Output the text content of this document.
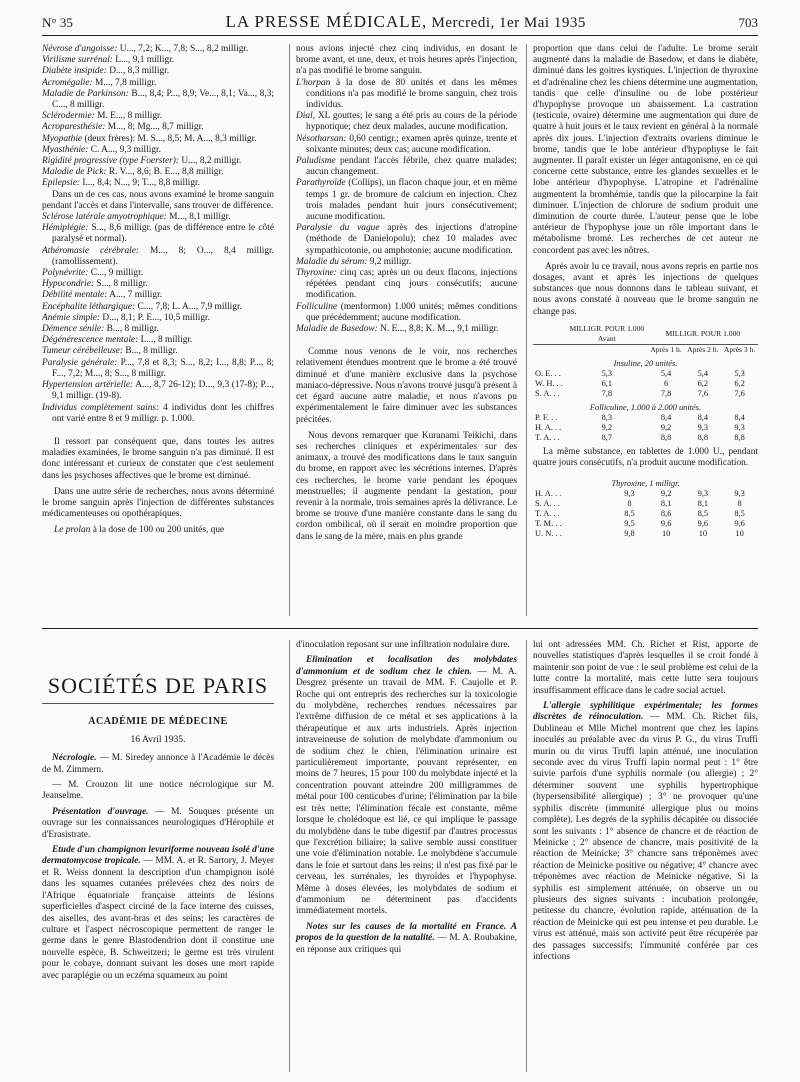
N° 35	LA PRESSE MÉDICALE, Mercredi, 1er Mai 1935	703
Névrose d'angoisse: U..., 7,2; K..., 7,8; S..., 8,2 milligr.
Virilisme surrénal: L..., 9,1 milligr.
Diabète insipide: D..., 8,3 milligr.
Acromégalie: M..., 7,8 milligr.
Maladie de Parkinson: B..., 8,4; P..., 8,9; Ve..., 8,1; Va..., 8,3; C..., 8 milligr.
Sclérodermie: M. E..., 8 milligr.
Acroparesthésie: M..., 8; Mg..., 8,7 milligr.
Myopathie (deux frères): M. S..., 8,5; M. A..., 8,3 milligr.
Myasthénie: C. A..., 9,3 milligr.
Rigidité progressive (type Foerster): U..., 8,2 milligr.
Malodie de Pick: R. V..., 8,6; B. E..., 8,8 milligr.
Epilepsie: I..., 8,4; N..., 9; T..., 8,8 milligr.

Dans un de ces cas, nous avons examiné le brome sanguin pendant l'accès et dans l'intervalle, sans trouver de différence.

Sclérose latérale amyotrophique: M..., 8,1 milligr.
Hémiplégie: S..., 8,6 milligr. (pas de différence entre le côté paralysé et normal).
Athéromasie cérébrale: M..., 8; O..., 8,4 milligr. (ramollissement).
Polynévrite: C..., 9 milligr.
Hypocondrie: S..., 8 milligr.
Débilité mentale: A..., 7 milligr.
Encéphalite léthargique: C..., 7,8; L. A..., 7,9 milligr.
Anémie simple: D..., 8,1; P. E..., 10,5 milligr.
Démence sénile: B..., 8 milligr.
Dégénérescence mentale: L..., 8 milligr.
Tumeur cérébelleuse: B..., 8 milligr.
Paralysie générale: P..., 7,8 et 8,3; S..., 8,2; I..., 8,8; P..., 8; F..., 7,2; M..., 8; S..., 8 milligr.
Hypertension artérielle: A..., 8,7 26-12); D..., 9,3 (17-8); P..., 9,1 milligr. (19-8).
Individus complètement sains: 4 individus dont les chiffres ont varié entre 8 et 9 milligr. p. 1.000.

Il ressort par conséquent que, dans toutes les autres maladies examinées, le brome sanguin n'a pas diminué. Il est donc intéressant et curieux de constater que c'est seulement dans les psychoses affectives que le brome est diminué.

Dans une autre série de recherches, nous avons déterminé le brome sanguin après l'injection de différentes substances médicamenteuses ou opothérapiques.

Le prolan à la dose de 100 ou 200 unités, que

nous avions injecté chez cinq individus, en dosant le brome avant, et une, deux, et trois heures après l'injection, n'a pas modifié le brome sanguin.

L'horpan à la dose de 80 unités et dans les mêmes conditions n'a pas modifié le brome sanguin, chez trois individus.
Dial, XL gouttes; le sang a été pris au cours de la période hypnotique; chez deux malades, aucune modification.
Nésotharsan: 0,60 centigr.; examen après quinze, trente et soixante minutes; deux cas; aucune modification.
Paludisme pendant l'accès fébrile, chez quatre malades; aucun changement.
Parathyroïde (Collips), un flacon chaque jour, et en même temps 1 gr. de bromure de calcium en injection. Chez trois malades pendant huit jours consécutivement; aucune modification.
Paralysie du vague après des injections d'atropine (méthode de Danielopolu); chez 10 malades avec sympathicotonie, ou amphotonie; aucune modification.
Maladie du sérum: 9,2 milligr.
Thyroxine: cinq cas; après un ou deux flacons, injections répétées pendant cinq jours consécutifs; aucune modification.
Folliculine (menformon) 1.000 unités; mêmes conditions que précédemment; aucune modification.
Maladie de Basedow: N. E..., 8,8; K. M..., 9,1 milligr.

Comme nous venons de le voir, nos recherches relativement étendues montrent que le brome a été trouvé diminué et d'une manière exclusive dans la psychose maniaco-dépressive. Nous n'avons trouvé jusqu'à présent à cet égard aucune autre maladie, et nous n'avons pu expérimentalement le faire diminuer avec les substances précitées.

Nous devons remarquer que Kuranami Teikichi, dans ses recherches cliniques et expérimentales sur des animaux, a trouvé des modifications dans le taux sanguin du brome, en rapport avec les sécrétions internes. D'après ces recherches, le brome varie pendant les époques menstruelles; il augmente pendant la gestation, pour revenir à la normale, trois semaines après la délivrance. Le brome se trouve d'une manière constante dans le sang du cordon ombilical, où il serait en moindre proportion que dans le sang de la mère, mais en plus grande

proportion que dans celui de l'adulte. Le brome serait augmenté dans la maladie de Basedow, et dans le diabète, diminué dans les goitres kystiques. L'injection de thyroxine et d'adrénaline chez les chiens détermine une augmentation, tandis que celle d'insuline ou de lobe postérieur d'hypophyse provoque un abaissement. La castration (testicule, ovaire) détermine une augmentation qui dure de quatre à huit jours et le taux revient en général à la normale après dix jours. L'injection d'extraits ovariens diminue le brome, tandis que le lobe antérieur d'hypophyse le fait augmenter. Il paraît exister un léger antagonisme, en ce qui concerne cette substance, entre les glandes sexuelles et le lobe antérieur d'hypophyse. L'atropine et l'adrénaline augmentent la bromhémie, tandis que la pilocarpine la fait diminuer. L'injection de chlorure de sodium produit une diminution de courte durée. L'auteur pense que le lobe antérieur de l'hypophyse joue un rôle important dans le métabolisme bromé. Les recherches de cet auteur ne concordent pas avec les nôtres.

Après avoir lu ce travail, nous avons repris en partie nos dosages, avant et après les injections de quelques substances que nous donnons dans le tableau suivant, et nous avons constaté à nouveau que le brome sanguin ne change pas.

	MILLIGR. POUR 1.000
Avant	MILLIGR. POUR 1.000		
		Après 1 h.	Après 2 h.	Après 3 h.
Insuline, 20 unités.				
O. E. . .	5,3	5,4	5,4	5,3
W. H. . .	6,1	6	6,2	6,2
S. A. . .	7,8	7,8	7,6	7,6
Folliculine, 1.000 à 2.000 unités.				
P. F. . .	8,3	8,4	8,4	8,4
H. A. . .	9,2	9,2	9,3	9,3
T. A. . .	8,7	8,8	8,8	8,8

La même substance, en tablettes de 1.000 U., pendant quatre jours consécutifs, n'a produit aucune modification.

Thyroxine, 1 milligr.				
H. A. . .	9,3	9,2	9,3	9,3
S. A. . .	8	8,1	8,1	8
T. A. . .	8,5	8,6	8,5	8,5
T. M. . .	9,5	9,6	9,6	9,6
U. N. . .	9,8	10	10	10
SOCIÉTÉS DE PARIS
ACADÉMIE DE MÉDECINE
16 Avril 1935.

Nécrologie. — M. Siredey annonce à l'Académie le décès de M. Zimmern.

— M. Crouzon lit une notice nécrologique sur M. Jeanselme.

Présentation d'ouvrage. — M. Souques présente un ouvrage sur les connaissances neurologiques d'Hérophile et d'Erasistrate.

Etude d'un champignon levuriforme nouveau isolé d'une dermatomycose tropicale. — MM. A. et R. Sartory, J. Meyer et R. Weiss donnent la description d'un champignon isolé dans les squames cutanées prélevées chez des noirs de l'Afrique équatoriale française atteints de lésions superficielles d'aspect circiné de la face interne des cuisses, des aiselles, des avant-bras et des seins; les caractères de culture et l'aspect nécroscopique permettent de ranger le germe dans le genre Blastodendrion dont il constitue une nouvelle espèce, B. Schweitzeri; le germe est très virulent pour le cobaye, donnant suivant les doses une mort rapide avec paraplégie ou un eczéma squameux au point

d'inoculation reposant sur une infiltration nodulaire dure.

Elimination et localisation des molybdates d'ammonium et de sodium chez le chien. — M. A. Desgrez présente un travail de MM. F. Caujolle et P. Roche qui ont entrepris des recherches sur la toxicologie du molybdène, recherches rendues nécessaires par l'extrême diffusion de ce métal et ses applications à la thérapeutique et aux arts industriels. Après injection intraveineuse de solution de molybdate d'ammonium ou de sodium chez le chien, l'élimination urinaire est particulièrement importante, pouvant représenter, en moins de 7 heures, 15 pour 100 du molybdate injecté et la concentration pouvant atteindre 200 milligrammes de métal pour 100 centicubes d'urine; l'élimination par la bile est très nette; l'élimination fécale est constante, même lorsque le cholédoque est lié, ce qui implique le passage du molybdène dans le tube digestif par d'autres processus que l'excrétion biliaire; la salive semble aussi constituer une voie d'élimination notable. Le molybdène s'accumule dans le foie et surtout dans les reins; il n'est pas fixé par le cerveau, les surrénales, les thyroïdes et l'hypophyse. Même à doses élevées, les molybdates de sodium et d'ammonium ne déterminent pas d'accidents immédiatement mortels.

Notes sur les causes de la mortalité en France. A propos de la question de la natalité. — M. A. Roubakine, en réponse aux critiques qui

lui ont adressées MM. Ch. Richet et Rist, apporte de nouvelles statistiques d'après lesquelles il se croit fondé à maintenir son point de vue : le seul problème est celui de la lutte contre la mortalité, mais cette lutte sera toujours insuffisamment efficace dans le cadre social actuel.

L'allergie syphilitique expérimentale; les formes discrètes de réinoculation. — MM. Ch. Richet fils, Dublineau et Mlle Michel montrent que chez les lapins inoculés au préalable avec du virus P. G., du virus Truffi murin ou du virus Truffi lapin atténué, une inoculation seconde avec du virus Truffi lapin normal peut : 1° être suivie parfois d'une syphilis normale (ou allergie) ; 2° déterminer souvent une syphilis hypertrophique (hypersensibilité allergique) ; 3° ne provoquer qu'une syphilis discrète (immunité allergique plus ou moins complète). Les degrés de la syphilis décapitée ou dissociée sont les suivants : 1° absence de chancre et de réaction de Meinicke ; 2° absence de chancre, mais positivité de la réaction de Meinicke; 3° chancre sans tréponèmes avec réaction de Meinicke positive ou négative; 4° chancre avec tréponèmes avec réaction de Meinicke négative. Si la syphilis est simplement atténuée, on observe un ou plusieurs des signes suivants : incubation prolongée, petitesse du chancre, évolution rapide, atténuation de la réaction de Meinicke qui est peu intense et peu durable. Le virus est atténué, mais son activité peut être récupérée par des passages successifs; l'immunité conférée par ces infections
